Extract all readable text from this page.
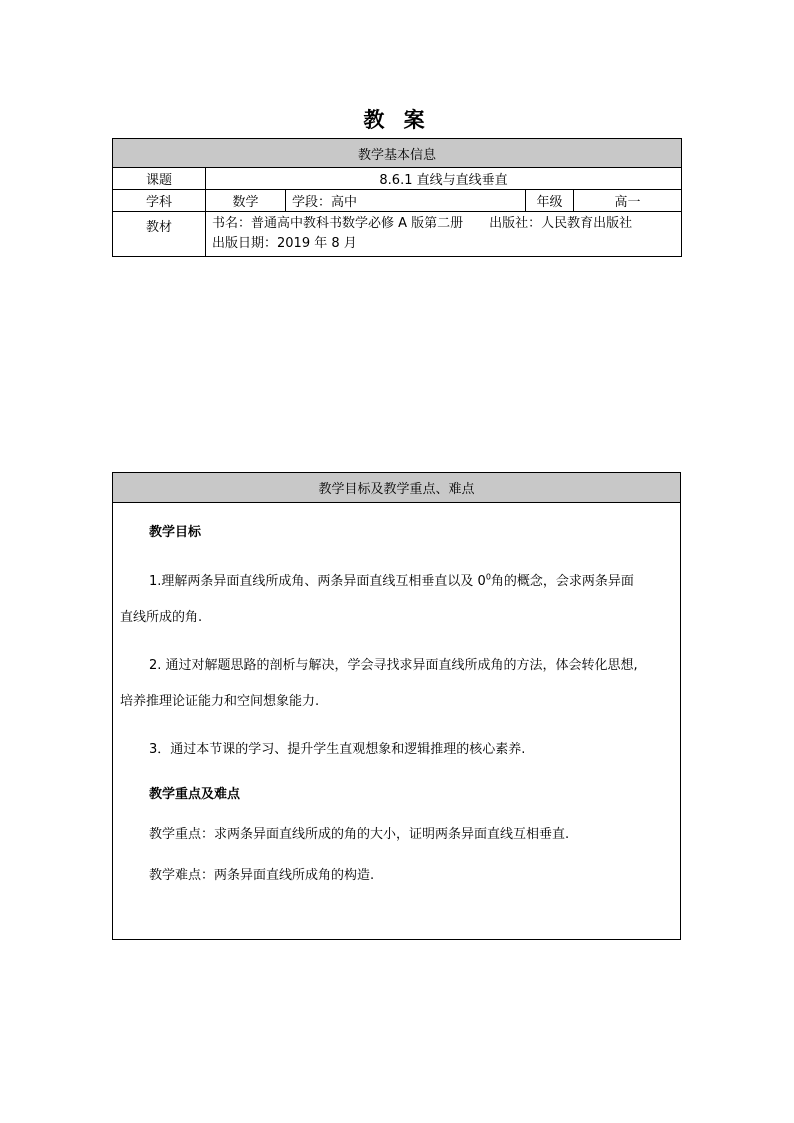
教 案
教学基本信息				
课题	8.6.1 直线与直线垂直			
学科	数学	学段：高中	年级	高一
教材	书名：普通高中教科书数学必修 A 版第二册 出版社：人民教育出版社
出版日期：2019 年 8 月			
教学目标及教学重点、难点

教学目标
1.理解两条异面直线所成角、两条异面直线互相垂直以及 $0^0$角的概念，会求两条异面
直线所成的角.
2. 通过对解题思路的剖析与解决，学会寻找求异面直线所成角的方法，体会转化思想,
培养推理论证能力和空间想象能力.
3．通过本节课的学习、提升学生直观想象和逻辑推理的核心素养.
教学重点及难点
教学重点：求两条异面直线所成的角的大小，证明两条异面直线互相垂直.
教学难点：两条异面直线所成角的构造.
